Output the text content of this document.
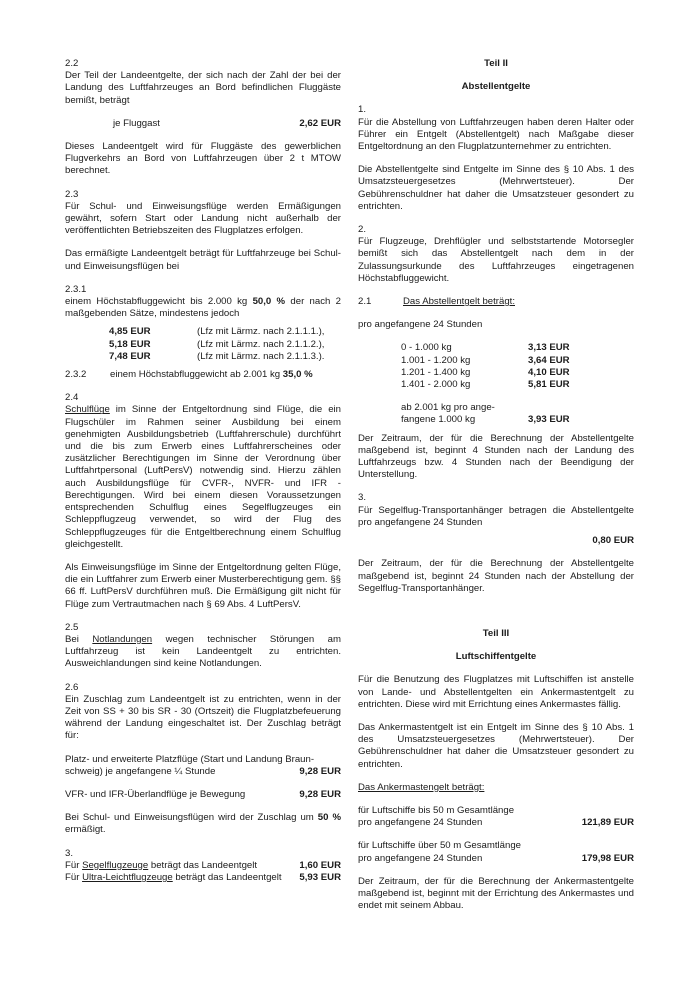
2.2

Der Teil der Landeentgelte, der sich nach der Zahl der bei der Landung des Luftfahrzeuges an Bord befindlichen Fluggäste bemißt, beträgt

je Fluggast	2,62 EUR

Dieses Landeentgelt wird für Fluggäste des gewerblichen Flugverkehrs an Bord von Luftfahrzeugen über 2 t MTOW berechnet.

2.3

Für Schul- und Einweisungsflüge werden Ermäßigungen gewährt, sofern Start oder Landung nicht außerhalb der veröffentlichten Betriebszeiten des Flugplatzes erfolgen.

Das ermäßigte Landeentgelt beträgt für Luftfahrzeuge bei Schul- und Einweisungsflügen bei

2.3.1

einem Höchstabfluggewicht bis 2.000 kg 50,0 % der nach 2 maßgebenden Sätze, mindestens jedoch

4,85 EUR	(Lfz mit Lärmz. nach 2.1.1.1.),
5,18 EUR	(Lfz mit Lärmz. nach 2.1.1.2.),
7,48 EUR	(Lfz mit Lärmz. nach 2.1.1.3.).

2.3.2 einem Höchstabfluggewicht ab 2.001 kg 35,0 %

2.4

Schulflüge im Sinne der Entgeltordnung sind Flüge, die ein Flugschüler im Rahmen seiner Ausbildung bei einem genehmigten Ausbildungsbetrieb (Luftfahrerschule) durchführt und die bis zum Erwerb eines Luftfahrerscheines oder zusätzlicher Berechtigungen im Sinne der Verordnung über Luftfahrtpersonal (LuftPersV) notwendig sind. Hierzu zählen auch Ausbildungsflüge für CVFR-, NVFR- und IFR - Berechtigungen. Wird bei einem diesen Voraussetzungen entsprechenden Schulflug eines Segelflugzeuges ein Schleppflugzeug verwendet, so wird der Flug des Schleppflugzeuges für die Entgeltberechnung einem Schulflug gleichgestellt.

Als Einweisungsflüge im Sinne der Entgeltordnung gelten Flüge, die ein Luftfahrer zum Erwerb einer Musterberechtigung gem. §§ 66 ff. LuftPersV durchführen muß. Die Ermäßigung gilt nicht für Flüge zum Vertrautmachen nach § 69 Abs. 4 LuftPersV.

2.5

Bei Notlandungen wegen technischer Störungen am Luftfahrzeug ist kein Landeentgelt zu entrichten. Ausweichlandungen sind keine Notlandungen.

2.6

Ein Zuschlag zum Landeentgelt ist zu entrichten, wenn in der Zeit von SS + 30 bis SR - 30 (Ortszeit) die Flugplatzbefeuerung während der Landung eingeschaltet ist. Der Zuschlag beträgt für:

Platz- und erweiterte Platzflüge (Start und Landung Braun-

schweig) je angefangene ¼ Stunde	9,28 EUR
VFR- und IFR-Überlandflüge je Bewegung	9,28 EUR

Bei Schul- und Einweisungsflügen wird der Zuschlag um 50 % ermäßigt.

3.

Für Segelflugzeuge beträgt das Landeentgelt	1,60 EUR
Für Ultra-Leichtflugzeuge beträgt das Landeentgelt 5,93 EUR

Teil II

Abstellentgelte

1.

Für die Abstellung von Luftfahrzeugen haben deren Halter oder Führer ein Entgelt (Abstellentgelt) nach Maßgabe dieser Entgeltordnung an den Flugplatzunternehmer zu entrichten.

Die Abstellentgelte sind Entgelte im Sinne des § 10 Abs. 1 des Umsatzsteuergesetzes (Mehrwertsteuer). Der Gebührenschuldner hat daher die Umsatzsteuer gesondert zu entrichten.

2.

Für Flugzeuge, Drehflügler und selbststartende Motorsegler bemißt sich das Abstellentgelt nach dem in der Zulassungsurkunde des Luftfahrzeuges eingetragenen Höchstabfluggewicht.

2.1	Das Abstellentgelt beträgt:

pro angefangene 24 Stunden

0 - 1.000 kg	3,13 EUR
1.001 - 1.200 kg	3,64 EUR
1.201 - 1.400 kg	4,10 EUR
1.401 - 2.000 kg	5,81 EUR
ab 2.001 kg pro ange-
fangene 1.000 kg	3,93 EUR

Der Zeitraum, der für die Berechnung der Abstellentgelte maßgebend ist, beginnt 4 Stunden nach der Landung des Luftfahrzeugs bzw. 4 Stunden nach der Beendigung der Unterstellung.

3.

Für Segelflug-Transportanhänger betragen die Abstellentgelte pro angefangene 24 Stunden

0,80 EUR

Der Zeitraum, der für die Berechnung der Abstellentgelte maßgebend ist, beginnt 24 Stunden nach der Abstellung der Segelflug-Transportanhänger.

Teil III

Luftschiffentgelte

Für die Benutzung des Flugplatzes mit Luftschiffen ist anstelle von Lande- und Abstellentgelten ein Ankermastentgelt zu entrichten. Diese wird mit Errichtung eines Ankermastes fällig.

Das Ankermastentgelt ist ein Entgelt im Sinne des § 10 Abs. 1 des Umsatzsteuergesetzes (Mehrwertsteuer). Der Gebührenschuldner hat daher die Umsatzsteuer gesondert zu entrichten.

Das Ankermastengelt beträgt:

für Luftschiffe bis 50 m Gesamtlänge

pro angefangene 24 Stunden	121,89 EUR

für Luftschiffe über 50 m Gesamtlänge

pro angefangene 24 Stunden	179,98 EUR

Der Zeitraum, der für die Berechnung der Ankermastentgelte maßgebend ist, beginnt mit der Errichtung des Ankermastes und endet mit seinem Abbau.
